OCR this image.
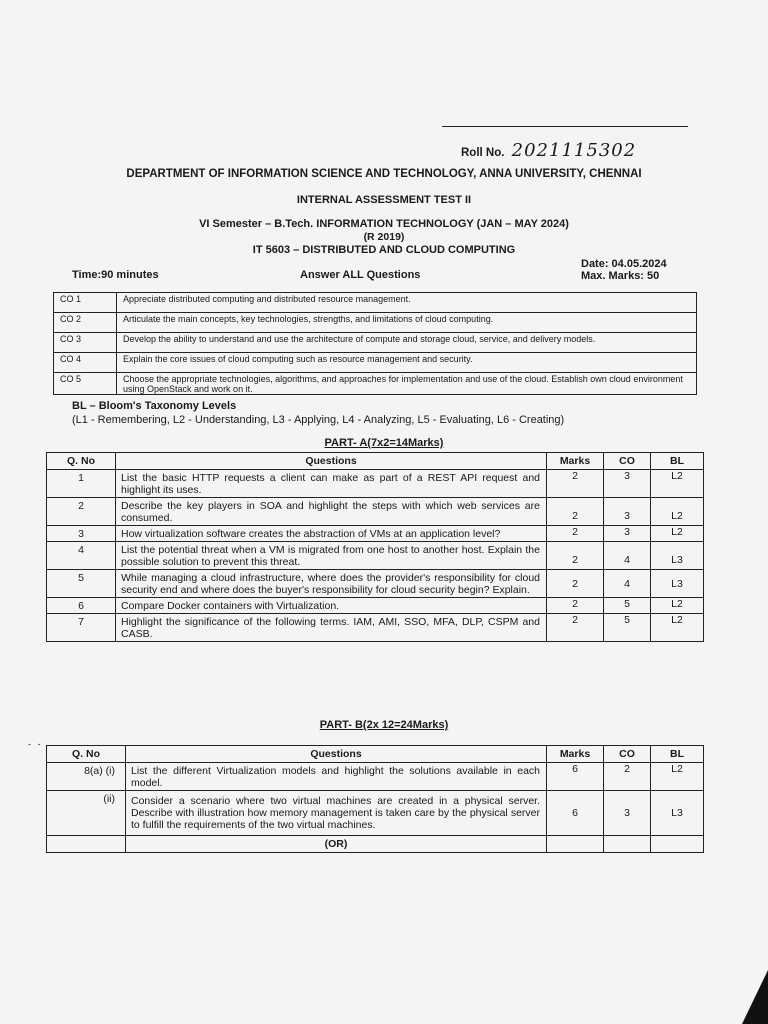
Roll No. 2021115302
DEPARTMENT OF INFORMATION SCIENCE AND TECHNOLOGY, ANNA UNIVERSITY, CHENNAI
INTERNAL ASSESSMENT TEST II
VI Semester – B.Tech. INFORMATION TECHNOLOGY (JAN – MAY 2024)
(R 2019)
IT 5603 – DISTRIBUTED AND CLOUD COMPUTING
Date: 04.05.2024
Max. Marks: 50
Time:90 minutes	Answer ALL Questions
CO 1	Appreciate distributed computing and distributed resource management.
CO 2	Articulate the main concepts, key technologies, strengths, and limitations of cloud computing.
CO 3	Develop the ability to understand and use the architecture of compute and storage cloud, service, and delivery models.
CO 4	Explain the core issues of cloud computing such as resource management and security.
CO 5	Choose the appropriate technologies, algorithms, and approaches for implementation and use of the cloud. Establish own cloud environment using OpenStack and work on it.
BL – Bloom's Taxonomy Levels
(L1 - Remembering, L2 - Understanding, L3 - Applying, L4 - Analyzing, L5 - Evaluating, L6 - Creating)
PART- A(7x2=14Marks)
Q. No	Questions	Marks	CO	BL
1	List the basic HTTP requests a client can make as part of a REST API request and highlight its uses.	2	3	L2
2	Describe the key players in SOA and highlight the steps with which web services are consumed.	2	3	L2
3	How virtualization software creates the abstraction of VMs at an application level?	2	3	L2
4	List the potential threat when a VM is migrated from one host to another host. Explain the possible solution to prevent this threat.	2	4	L3
5	While managing a cloud infrastructure, where does the provider's responsibility for cloud security end and where does the buyer's responsibility for cloud security begin? Explain.	2	4	L3
6	Compare Docker containers with Virtualization.	2	5	L2
7	Highlight the significance of the following terms. IAM, AMI, SSO, MFA, DLP, CSPM and CASB.	2	5	L2
PART- B(2x 12=24Marks)
- -
Q. No	Questions	Marks	CO	BL
8(a) (i)	List the different Virtualization models and highlight the solutions available in each model.	6	2	L2
(ii)	Consider a scenario where two virtual machines are created in a physical server. Describe with illustration how memory management is taken care by the physical server to fulfill the requirements of the two virtual machines.	6	3	L3
	(OR)			
